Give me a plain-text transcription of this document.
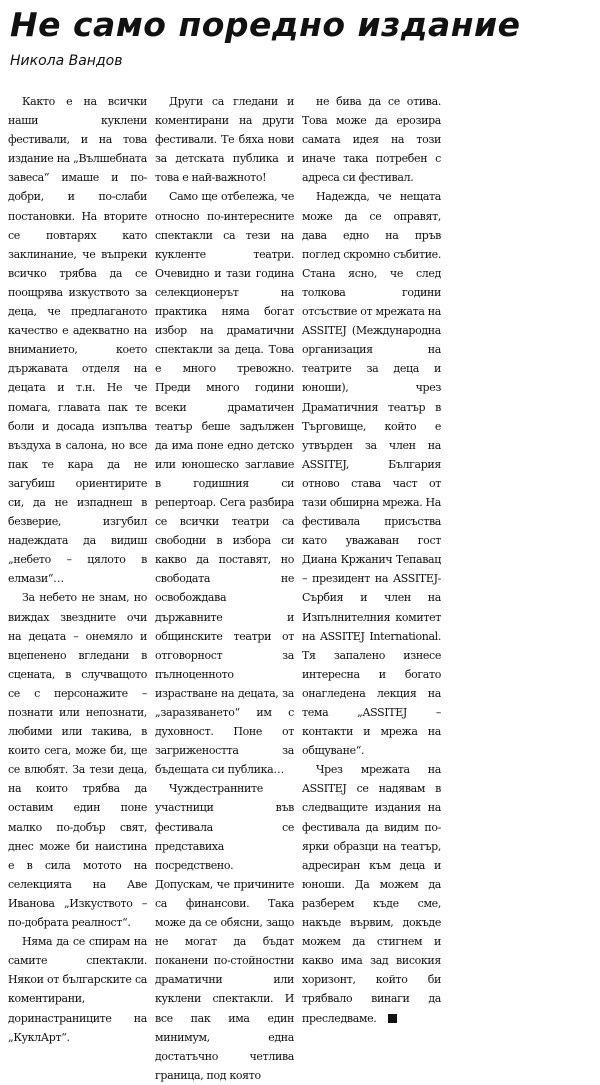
Не само поредно издание
Никола Вандов

Както е на всички наши куклени фестивали, и на това издание на „Вълшебната завеса“ имаше и по-добри, и по-слаби постановки. На вторите се повтарях като заклинание, че въпреки всичко трябва да се поощрява изкуството за деца, че предлаганото качество е адекватно на вниманието, което държавата отделя на децата и т.н. Не че помага, главата пак те боли и досада изпълва въздуха в салона, но все пак те кара да не загубиш ориентирите си, да не изпаднеш в безверие, изгубил надеждата да видиш „небето – цялото в елмази“…

За небето не знам, но виждах звездните очи на децата – онемяло и вцепенено вгледани в сцената, в случващото се с персонажите – познати или непознати, любими или такива, в които сега, може би, ще се влюбят. За тези деца, на които трябва да оставим един поне малко по-добър свят, днес може би наистина е в сила мотото на селекцията на Аве Иванова „Изкуството – по-добрата реалност“.

Няма да се спирам на самите спектакли. Някои от българските са коментирани, доринастраниците на „КуклАрт“.

Други са гледани и коментирани на други фестивали. Те бяха нови за детската публика и това е най-важното!

Само ще отбележа, че относно по-интересните спектакли са тези на кукленте театри. Очевидно и тази година селекционерът на практика няма богат избор на драматични спектакли за деца. Това е много тревожно. Преди много години всеки драматичен театър беше задължен да има поне едно детско или юношеско заглавие в годишния си репертоар. Сега разбира се всички театри са свободни в избора си какво да поставят, но свободата не освобождава държавните и общинските театри от отговорност за пълноценното израстване на децата, за „заразяването“ им с духовност. Поне от загрижеността за бъдещата си публика…

Чуждестранните участници във фестивала се представиха посредствено. Допускам, че причините са финансови. Така може да се обясни, защо не могат да бъдат поканени по-стойностни драматични или куклени спектакли. И все пак има един минимум, една достатъчно четлива граница, под която

не бива да се отива. Това може да ерозира самата идея на този иначе така потребен с адреса си фестивал.

Надежда, че нещата може да се оправят, дава едно на пръв поглед скромно събитие. Стана ясно, че след толкова години отсъствие от мрежата на ASSITEJ (Международна организация на театрите за деца и юноши), чрез Драматичния театър в Търговище, който е утвърден за член на ASSITEJ, България отново става част от тази обширна мрежа. На фестивала присъства като уважаван гост Диана Кржанич Тепавац – президент на ASSITEJ-Сърбия и член на Изпълнителния комитет на ASSITEJ International. Тя запалено изнесе интересна и богато онагледена лекция на тема „ASSITEJ – контакти и мрежа на общуване“.

Чрез мрежата на ASSITEJ се надявам в следващите издания на фестивала да видим по-ярки образци на театър, адресиран към деца и юноши. Да можем да разберем къде сме, накъде вървим, докъде можем да стигнем и какво има зад високия хоризонт, който би трябвало винаги да преследваме.
